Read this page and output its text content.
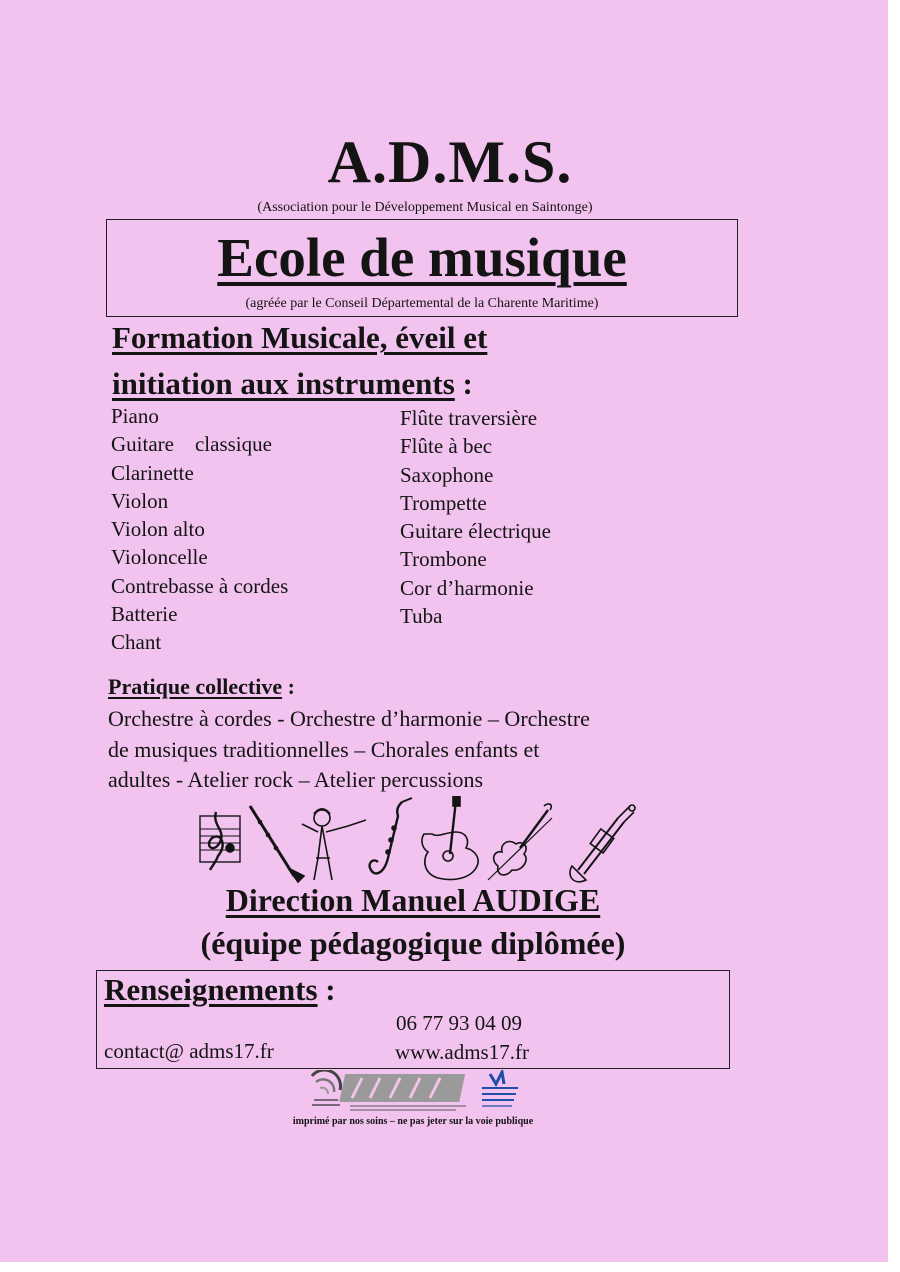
A.D.M.S.
(Association pour le Développement Musical en Saintonge)
Ecole de musique
(agréée par le Conseil Départemental de la Charente Maritime)
Formation Musicale, éveil et
initiation aux instruments :
Piano
Guitare    classique
Clarinette
Violon
Violon alto
Violoncelle
Contrebasse à cordes
Batterie
Chant
Flûte traversière
Flûte à bec
Saxophone
Trompette
Guitare électrique
Trombone
Cor d’harmonie
Tuba
Pratique collective :
Orchestre à cordes - Orchestre d’harmonie – Orchestre
de musiques traditionnelles – Chorales enfants et
adultes - Atelier rock – Atelier percussions
Direction Manuel AUDIGE
(équipe pédagogique diplômée)
Renseignements :
06 77 93 04 09
contact@ adms17.fr	www.adms17.fr
imprimé par nos soins – ne pas jeter sur la voie publique
